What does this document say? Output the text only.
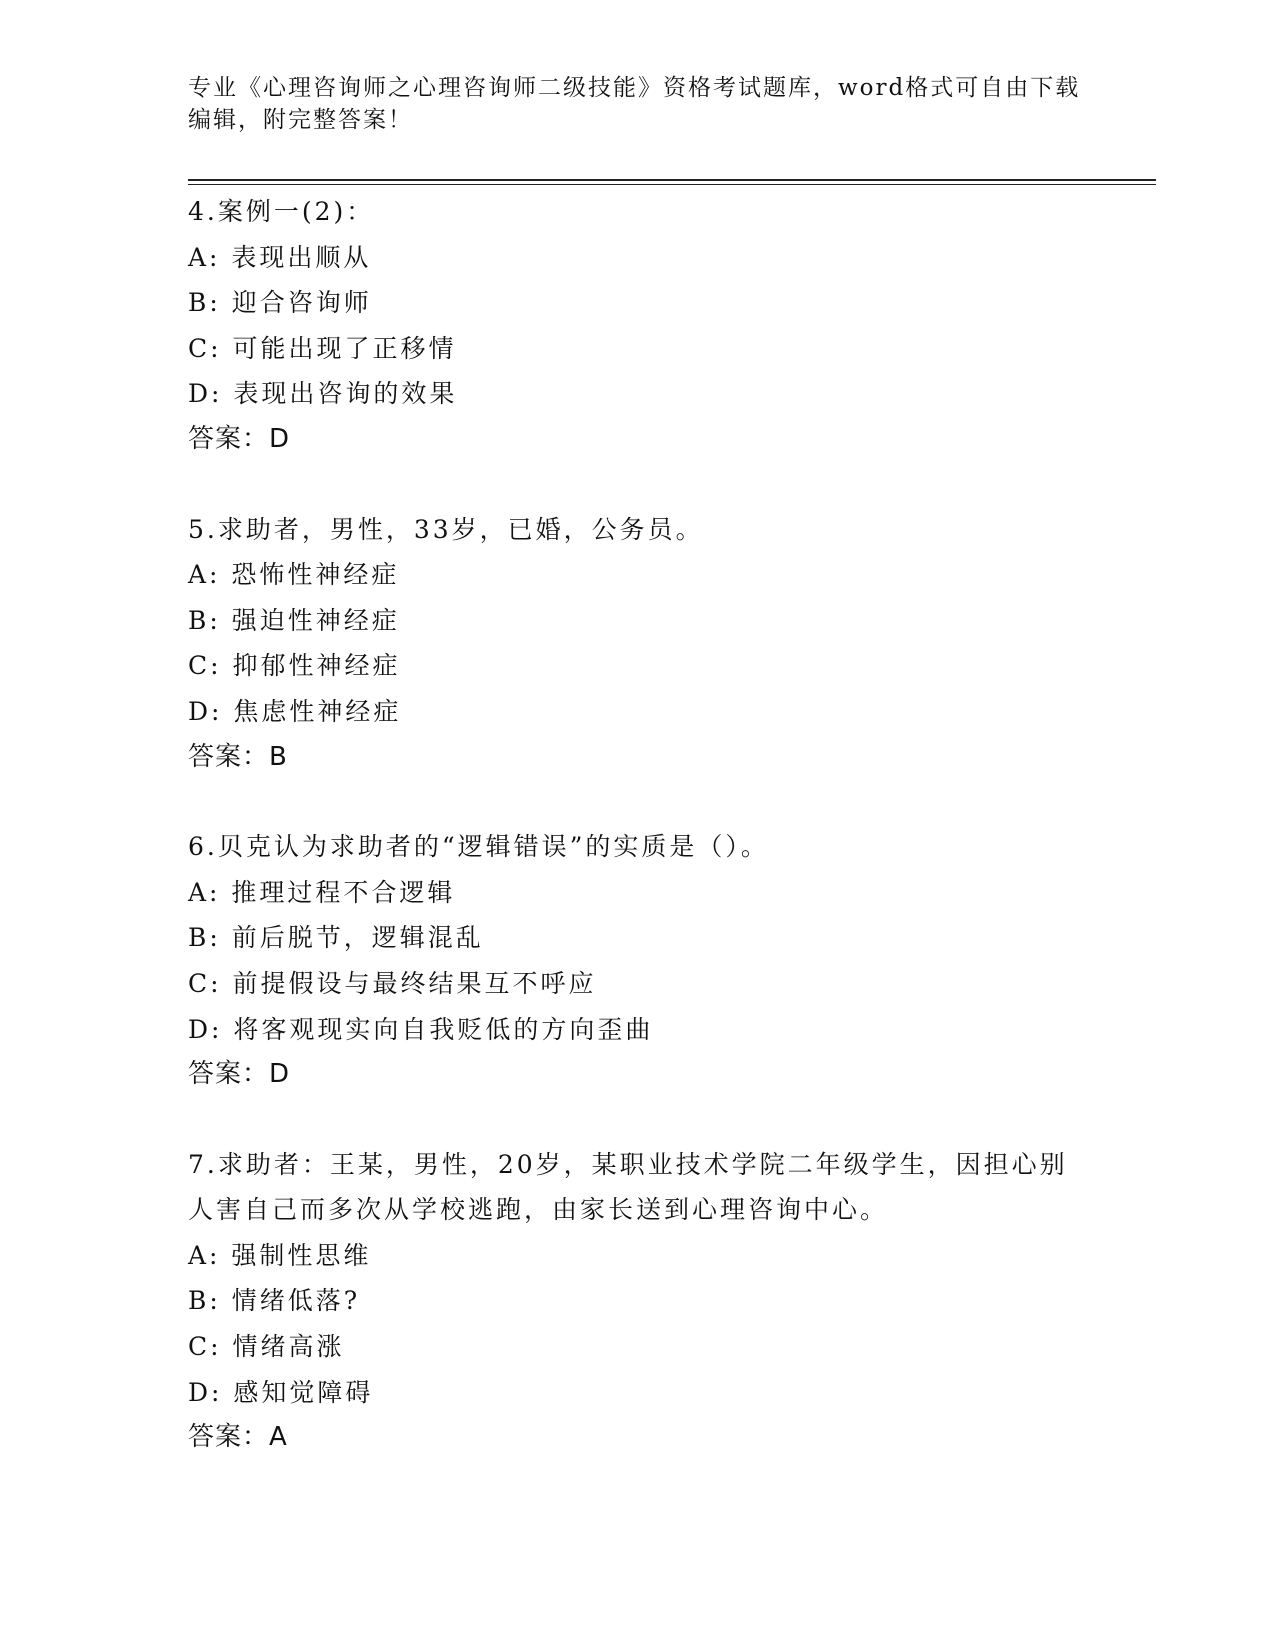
专业《心理咨询师之心理咨询师二级技能》资格考试题库，word格式可自由下载编辑，附完整答案！
4.案例一(2)：
A: 表现出顺从
B: 迎合咨询师
C: 可能出现了正移情
D: 表现出咨询的效果
答案：D
5.求助者，男性，33岁，已婚，公务员。
A: 恐怖性神经症
B: 强迫性神经症
C: 抑郁性神经症
D: 焦虑性神经症
答案：B
6.贝克认为求助者的“逻辑错误”的实质是（）。
A: 推理过程不合逻辑
B: 前后脱节，逻辑混乱
C: 前提假设与最终结果互不呼应
D: 将客观现实向自我贬低的方向歪曲
答案：D
7.求助者：王某，男性，20岁，某职业技术学院二年级学生，因担心别人害自己而多次从学校逃跑，由家长送到心理咨询中心。
A: 强制性思维
B: 情绪低落?
C: 情绪高涨
D: 感知觉障碍
答案：A
